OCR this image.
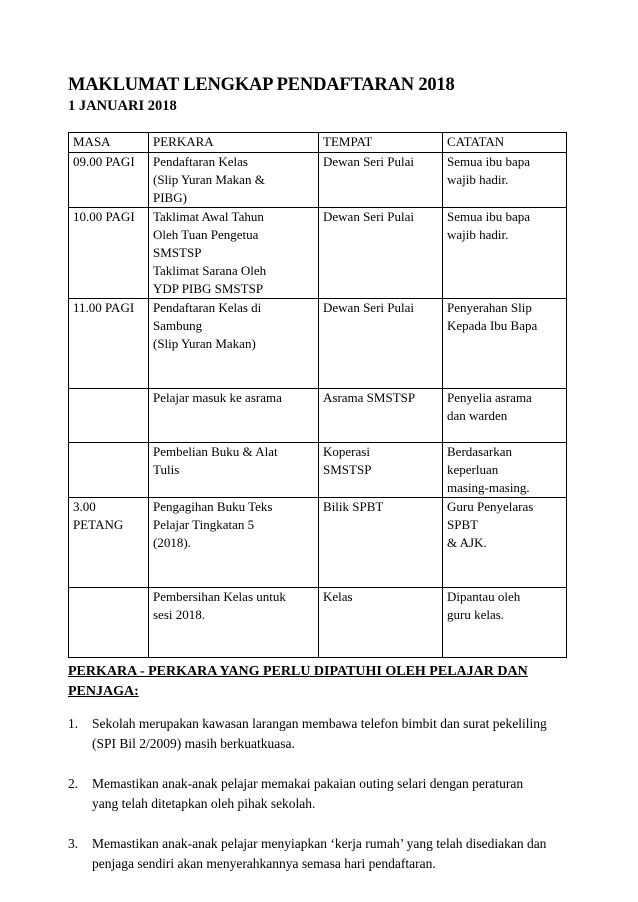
MAKLUMAT LENGKAP PENDAFTARAN 2018
1 JANUARI 2018
MASA	PERKARA	TEMPAT	CATATAN

09.00 PAGI	Pendaftaran Kelas
(Slip Yuran Makan &
PIBG)	Dewan Seri Pulai	Semua ibu bapa
wajib hadir.

10.00 PAGI	Taklimat Awal Tahun
Oleh Tuan Pengetua
SMSTSP
Taklimat Sarana Oleh
YDP PIBG SMSTSP	Dewan Seri Pulai	Semua ibu bapa
wajib hadir.

11.00 PAGI	Pendaftaran Kelas di
Sambung
(Slip Yuran Makan)	Dewan Seri Pulai	Penyerahan Slip
Kepada Ibu Bapa

	Pelajar masuk ke asrama	Asrama SMSTSP	Penyelia asrama
dan warden

	Pembelian Buku & Alat
Tulis	Koperasi
SMSTSP	Berdasarkan
keperluan
masing-masing.

3.00
PETANG	Pengagihan Buku Teks
Pelajar Tingkatan 5
(2018).	Bilik SPBT	Guru Penyelaras
SPBT
& AJK.

	Pembersihan Kelas untuk
sesi 2018.	Kelas	Dipantau oleh
guru kelas.
PERKARA - PERKARA YANG PERLU DIPATUHI OLEH PELAJAR DAN PENJAGA:
1. Sekolah merupakan kawasan larangan membawa telefon bimbit dan surat pekeliling (SPI Bil 2/2009) masih berkuatkuasa.
2. Memastikan anak-anak pelajar memakai pakaian outing selari dengan peraturan yang telah ditetapkan oleh pihak sekolah.
3. Memastikan anak-anak pelajar menyiapkan ‘kerja rumah’ yang telah disediakan dan penjaga sendiri akan menyerahkannya semasa hari pendaftaran.
